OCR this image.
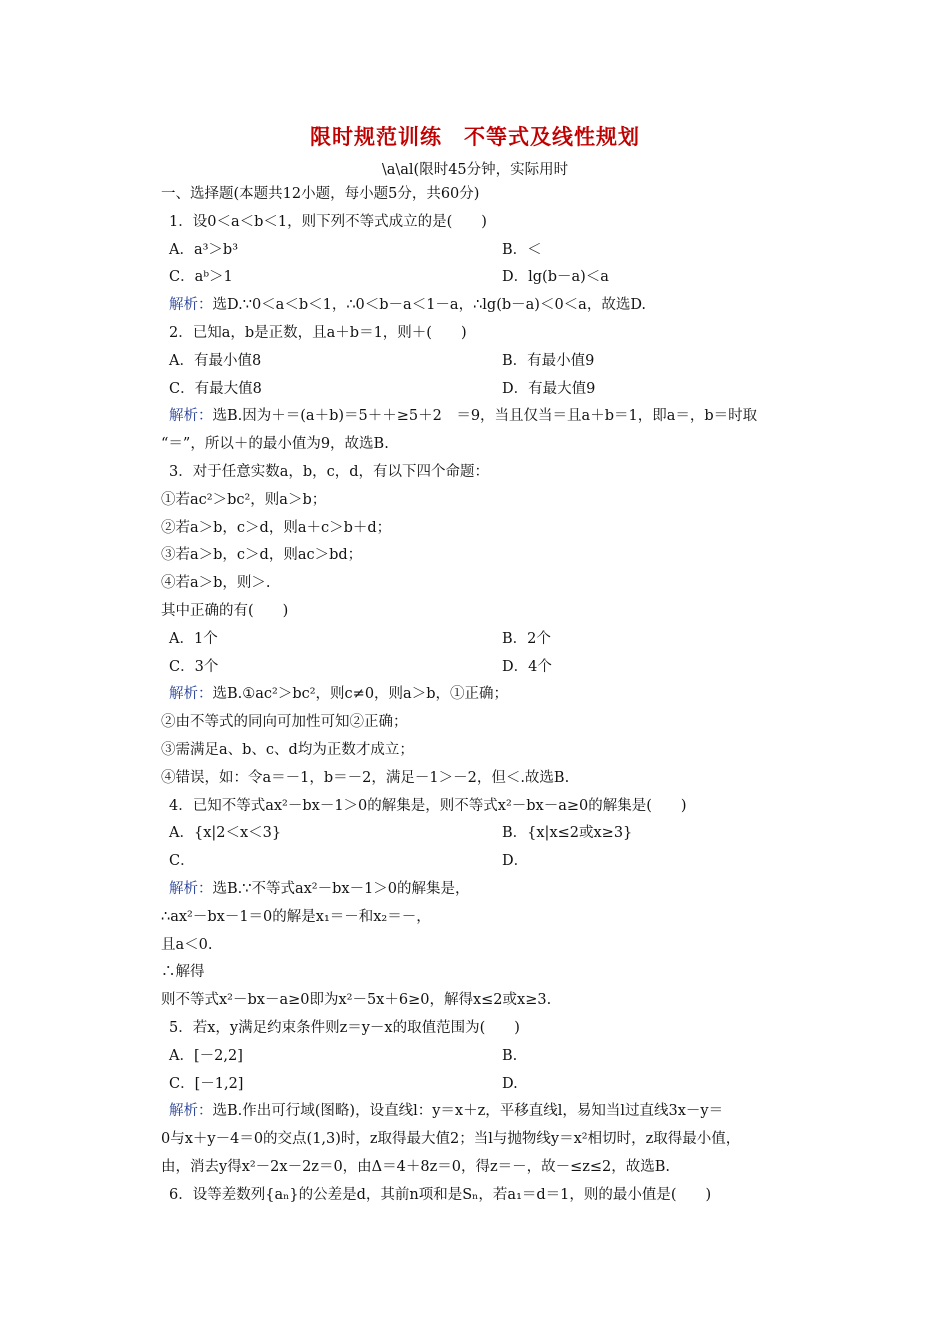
限时规范训练　不等式及线性规划
\a\al(限时45分钟，实际用时
一、选择题(本题共12小题，每小题5分，共60分)
1．设0＜a＜b＜1，则下列不等式成立的是(　　)
A．a³＞b³	B．＜
C．aᵇ＞1	D．lg(b－a)＜a
解析：选D.∵0＜a＜b＜1，∴0＜b－a＜1－a，∴lg(b－a)＜0＜a，故选D.
2．已知a，b是正数，且a＋b＝1，则＋(　　)
A．有最小值8	B．有最小值9
C．有最大值8	D．有最大值9
解析：选B.因为＋＝(a＋b)＝5＋＋≥5＋2　＝9，当且仅当＝且a＋b＝1，即a＝，b＝时取
“＝”，所以＋的最小值为9，故选B.
3．对于任意实数a，b，c，d，有以下四个命题：
①若ac²＞bc²，则a＞b；
②若a＞b，c＞d，则a＋c＞b＋d；
③若a＞b，c＞d，则ac＞bd；
④若a＞b，则＞.
其中正确的有(　　)
A．1个	B．2个
C．3个	D．4个
解析：选B.①ac²＞bc²，则c≠0，则a＞b，①正确；
②由不等式的同向可加性可知②正确；
③需满足a、b、c、d均为正数才成立；
④错误，如：令a＝－1，b＝－2，满足－1＞－2，但＜.故选B.
4．已知不等式ax²－bx－1＞0的解集是，则不等式x²－bx－a≥0的解集是(　　)
A．{x|2＜x＜3}	B．{x|x≤2或x≥3}
C．	D．
解析：选B.∵不等式ax²－bx－1＞0的解集是，
∴ax²－bx－1＝0的解是x₁＝－和x₂＝－，
且a＜0.
∴解得
则不等式x²－bx－a≥0即为x²－5x＋6≥0，解得x≤2或x≥3.
5．若x，y满足约束条件则z＝y－x的取值范围为(　　)
A．[－2,2]	B.
C．[－1,2]	D.
解析：选B.作出可行域(图略)，设直线l：y＝x＋z，平移直线l，易知当l过直线3x－y＝
0与x＋y－4＝0的交点(1,3)时，z取得最大值2；当l与抛物线y＝x²相切时，z取得最小值，
由，消去y得x²－2x－2z＝0，由Δ＝4＋8z＝0，得z＝－，故－≤z≤2，故选B.
6．设等差数列{aₙ}的公差是d，其前n项和是Sₙ，若a₁＝d＝1，则的最小值是(　　)
